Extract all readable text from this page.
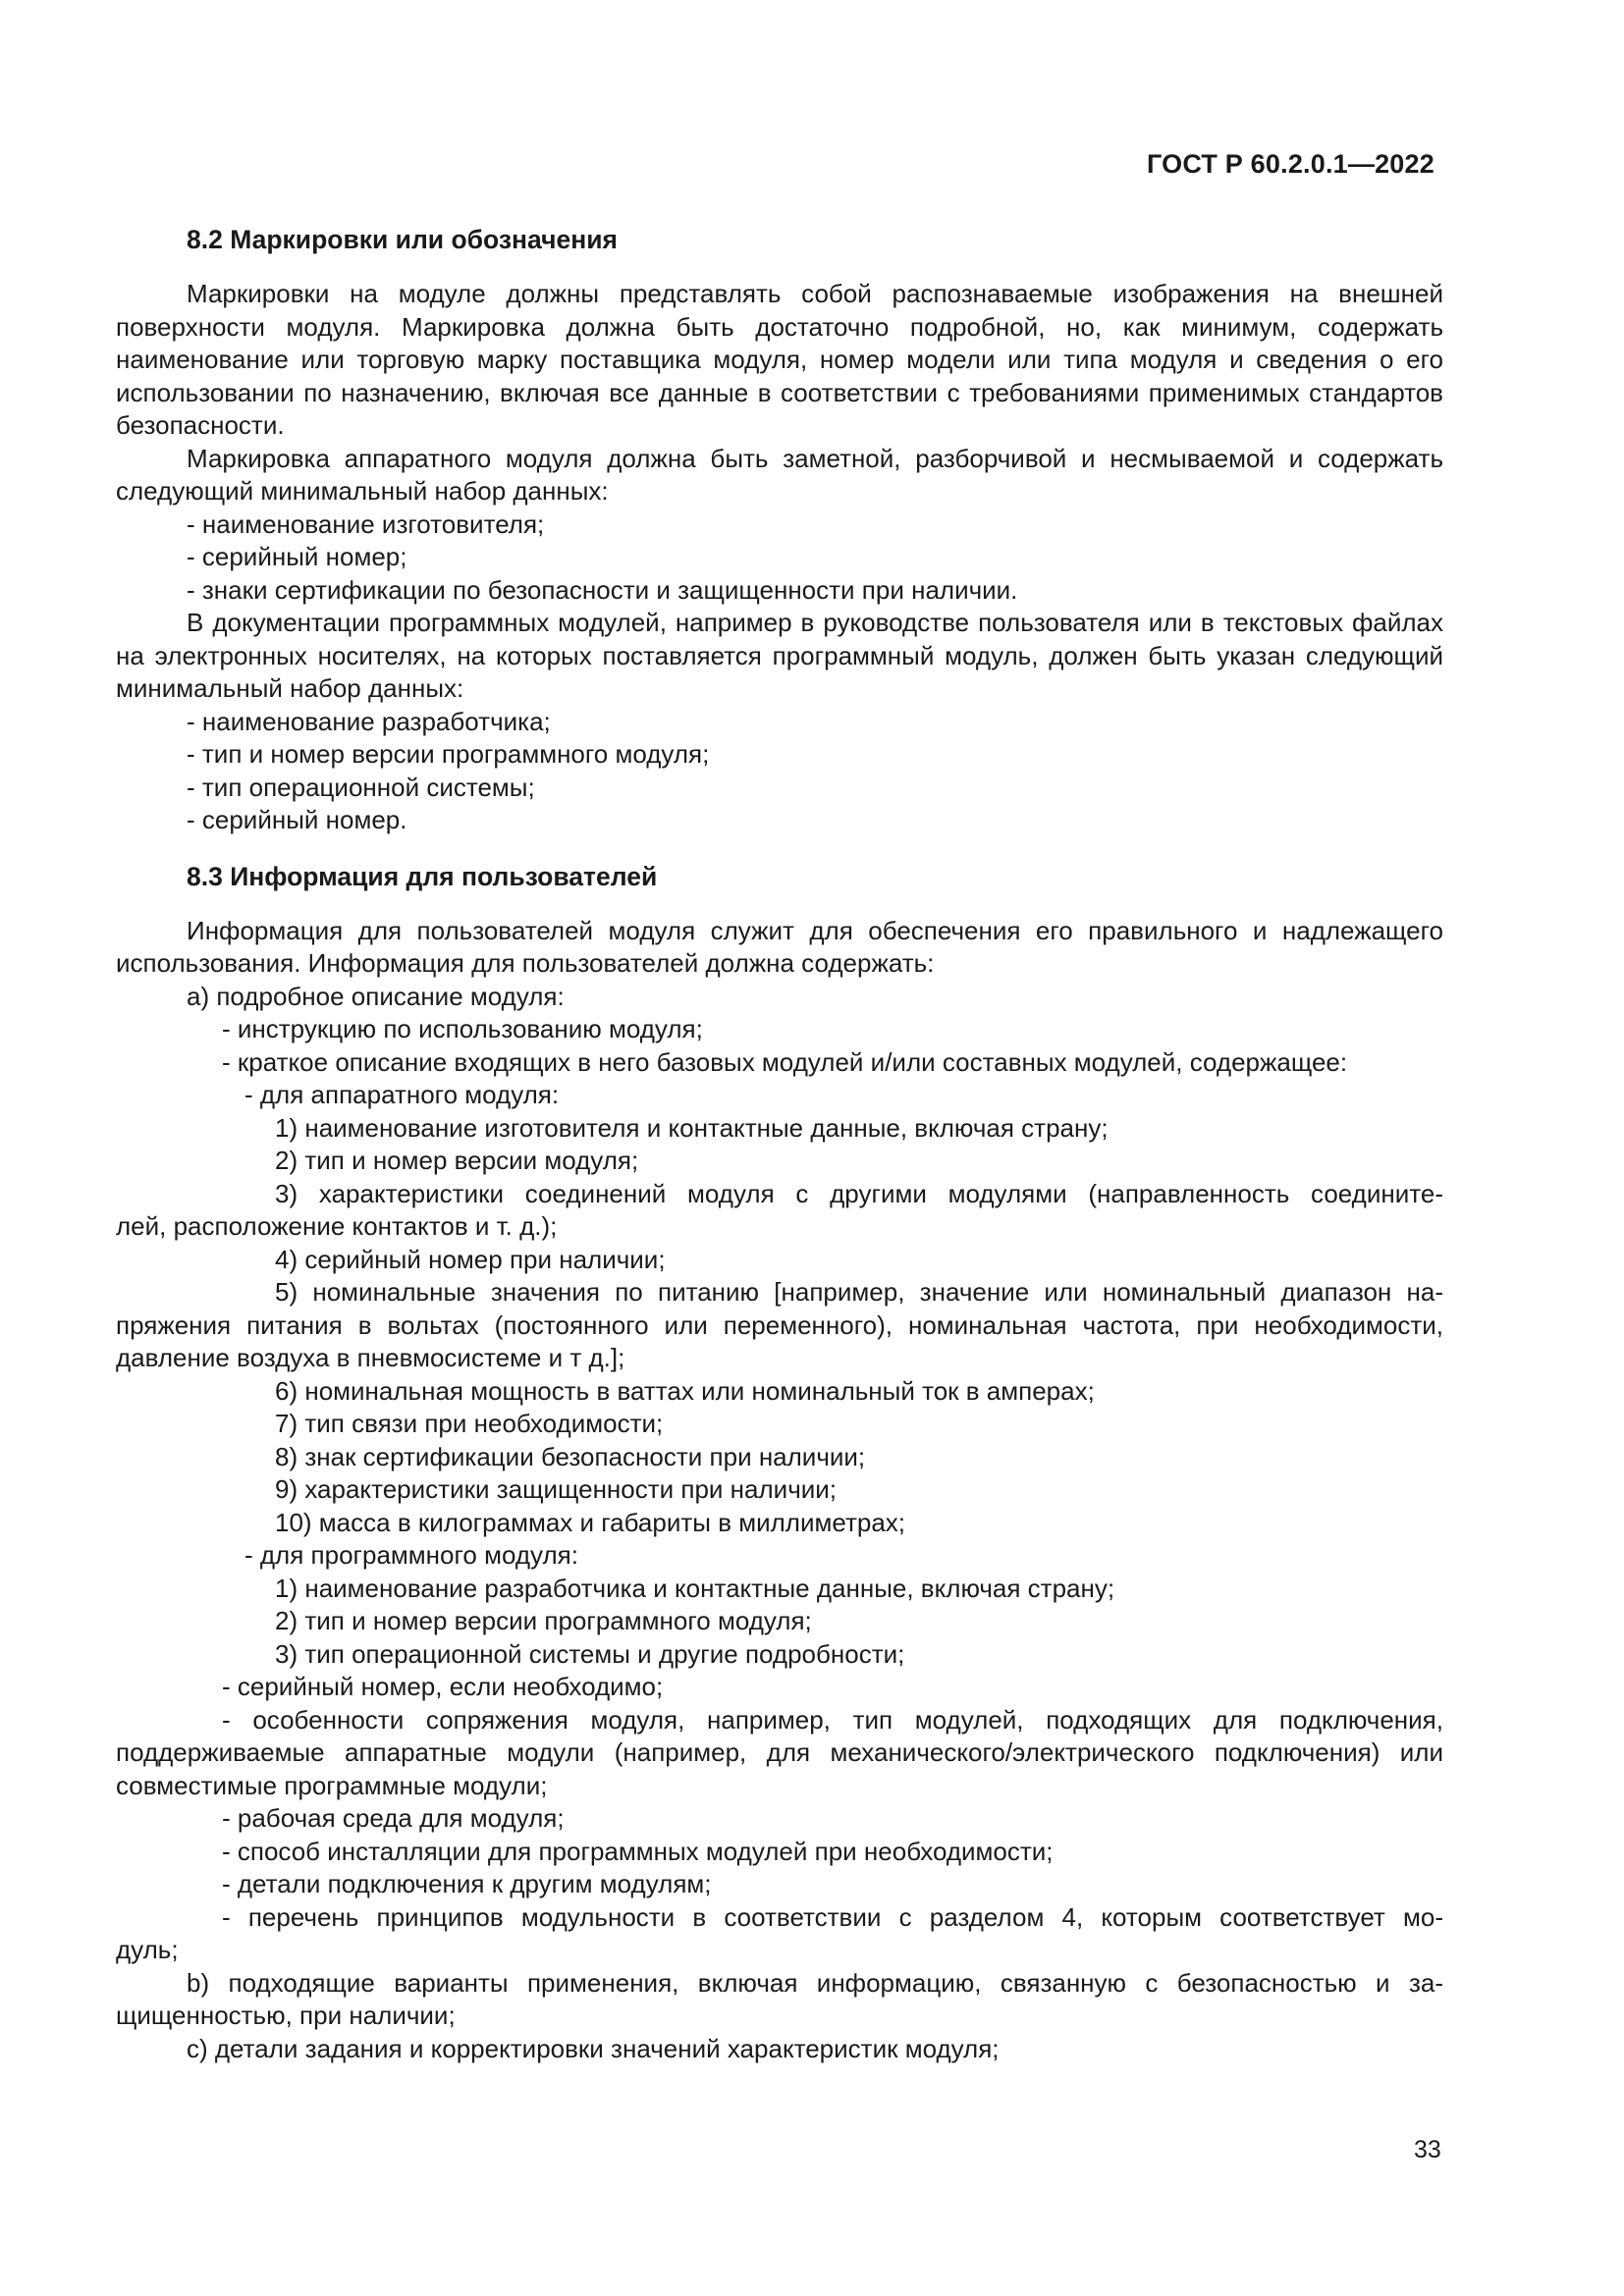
ГОСТ Р 60.2.0.1—2022

8.2 Маркировки или обозначения

Маркировки на модуле должны представлять собой распознаваемые изображения на внешней поверхности модуля. Маркировка должна быть достаточно подробной, но, как минимум, содержать наименование или торговую марку поставщика модуля, номер модели или типа модуля и сведения о его использовании по назначению, включая все данные в соответствии с требованиями применимых стандартов безопасности.

Маркировка аппаратного модуля должна быть заметной, разборчивой и несмываемой и содержать следующий минимальный набор данных:

- наименование изготовителя;

- серийный номер;

- знаки сертификации по безопасности и защищенности при наличии.

В документации программных модулей, например в руководстве пользователя или в текстовых файлах на электронных носителях, на которых поставляется программный модуль, должен быть указан следующий минимальный набор данных:

- наименование разработчика;

- тип и номер версии программного модуля;

- тип операционной системы;

- серийный номер.

8.3 Информация для пользователей

Информация для пользователей модуля служит для обеспечения его правильного и надлежащего использования. Информация для пользователей должна содержать:

а) подробное описание модуля:

- инструкцию по использованию модуля;

- краткое описание входящих в него базовых модулей и/или составных модулей, содержащее:

- для аппаратного модуля:

1) наименование изготовителя и контактные данные, включая страну;

2) тип и номер версии модуля;

3) характеристики соединений модуля с другими модулями (направленность соедините-
лей, расположение контактов и т. д.);

4) серийный номер при наличии;

5) номинальные значения по питанию [например, значение или номинальный диапазон на-
пряжения питания в вольтах (постоянного или переменного), номинальная частота, при необходимости,
давление воздуха в пневмосистеме и т д.];

6) номинальная мощность в ваттах или номинальный ток в амперах;

7) тип связи при необходимости;

8) знак сертификации безопасности при наличии;

9) характеристики защищенности при наличии;

10) масса в килограммах и габариты в миллиметрах;

- для программного модуля:

1) наименование разработчика и контактные данные, включая страну;

2) тип и номер версии программного модуля;

3) тип операционной системы и другие подробности;

- серийный номер, если необходимо;

- особенности сопряжения модуля, например, тип модулей, подходящих для подключения,
поддерживаемые аппаратные модули (например, для механического/электрического подключения) или
совместимые программные модули;

- рабочая среда для модуля;

- способ инсталляции для программных модулей при необходимости;

- детали подключения к другим модулям;

- перечень принципов модульности в соответствии с разделом 4, которым соответствует мо-
дуль;

b) подходящие варианты применения, включая информацию, связанную с безопасностью и за-
щищенностью, при наличии;

c) детали задания и корректировки значений характеристик модуля;

33
